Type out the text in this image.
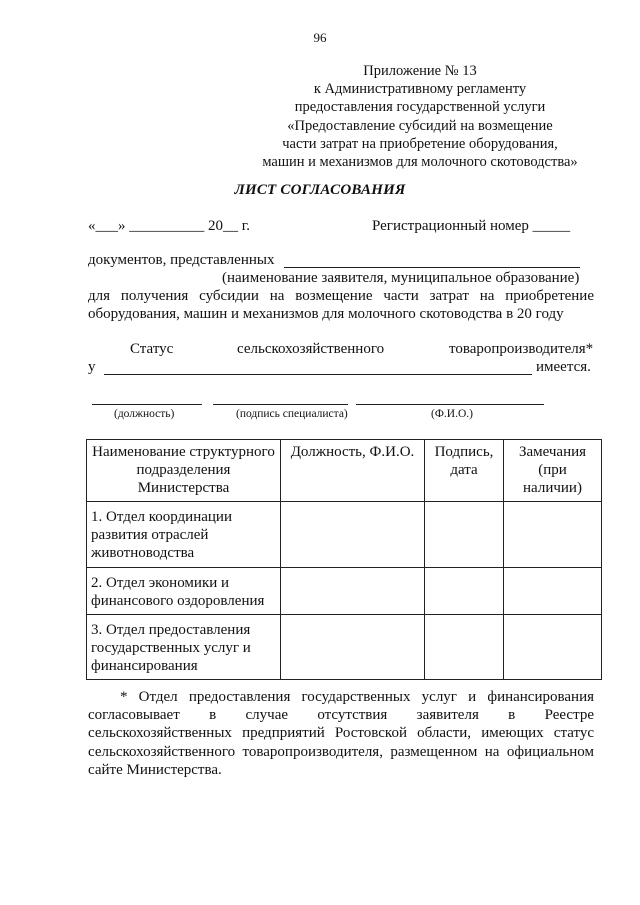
96
Приложение № 13
к Административному регламенту
предоставления государственной услуги
«Предоставление субсидий на возмещение
части затрат на приобретение оборудования,
машин и механизмов для молочного скотоводства»
ЛИСТ СОГЛАСОВАНИЯ
«___» __________ 20__ г.	Регистрационный номер _____
документов, представленных
(наименование заявителя, муниципальное образование)
для получения субсидии на возмещение части затрат на приобретение
оборудования, машин и механизмов для молочного скотоводства в 20 году
Статус	сельскохозяйственного	товаропроизводителя*
у	имеется.
(должность)	(подпись специалиста)	(Ф.И.О.)
Наименование структурного подразделения Министерства	Должность, Ф.И.О.	Подпись, дата	Замечания (при наличии)
1. Отдел координации развития отраслей животноводства			
2. Отдел экономики и финансового оздоровления			
3. Отдел предоставления государственных услуг и финансирования			
* Отдел предоставления государственных услуг и финансирования
согласовывает в случае отсутствия заявителя в Реестре
сельскохозяйственных предприятий Ростовской области, имеющих статус
сельскохозяйственного товаропроизводителя, размещенном на официальном
сайте Министерства.
